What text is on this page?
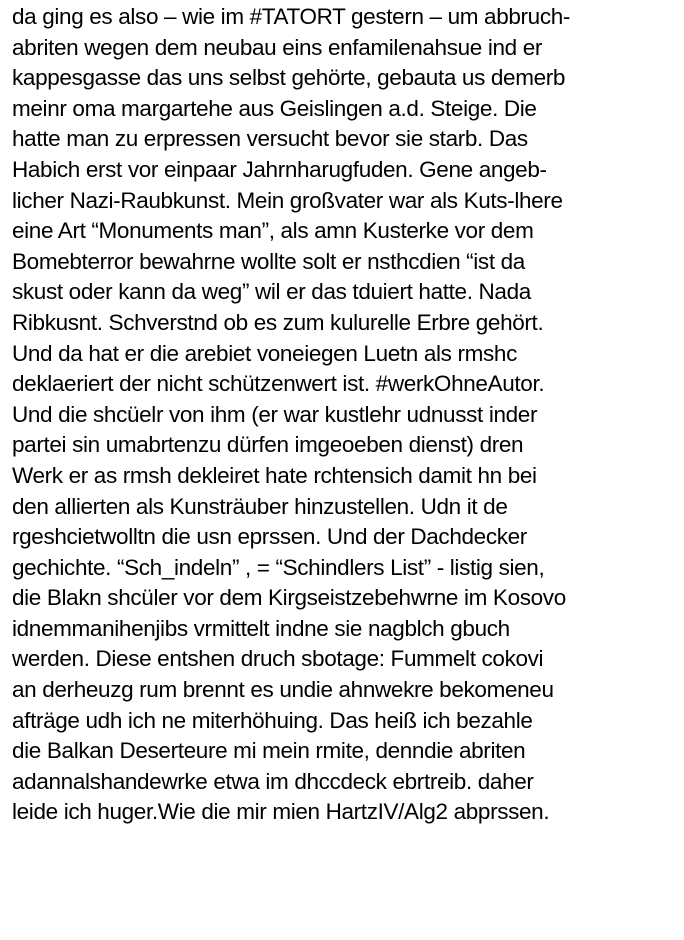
da ging es also – wie im #TATORT gestern – um abbruch-
abriten wegen dem neubau eins enfamilenahsue ind er
kappesgasse das uns selbst gehörte, gebauta us demerb
meinr oma margartehe aus Geislingen a.d. Steige. Die
hatte man zu erpressen versucht bevor sie starb. Das
Habich erst vor einpaar Jahrnharugfuden. Gene angeb-
licher Nazi-Raubkunst. Mein großvater war als Kuts-lhere
eine Art “Monuments man”, als amn Kusterke vor dem
Bomebterror bewahrne wollte solt er nsthcdien “ist da
skust oder kann da weg” wil er das tduiert hatte. Nada
Ribkusnt. Schverstnd ob es zum kulurelle Erbre gehört.
Und da hat er die arebiet voneiegen Luetn als rmshc
deklaeriert der nicht schützenwert ist. #werkOhneAutor.
Und die shcüelr von ihm (er war kustlehr udnusst inder
partei sin umabrtenzu dürfen imgeoeben dienst) dren
Werk er as rmsh dekleiret hate rchtensich damit hn bei
den allierten als Kunsträuber hinzustellen. Udn it de
rgeshcietwolltn die usn eprssen. Und der Dachdecker
gechichte. “Sch_indeln” , = “Schindlers List” - listig sien,
die Blakn shcüler vor dem Kirgseistzebehwrne im Kosovo
idnemmanihenjibs vrmittelt indne sie nagblch gbuch
werden. Diese entshen druch sbotage: Fummelt cokovi
an derheuzg rum brennt es undie ahnwekre bekomeneu
afträge udh ich ne miterhöhuing. Das heiß ich bezahle
die Balkan Deserteure mi mein rmite, denndie abriten
adannalshandewrke etwa im dhccdeck ebrtreib. daher
leide ich huger.Wie die mir mien HartzIV/Alg2 abprssen.
